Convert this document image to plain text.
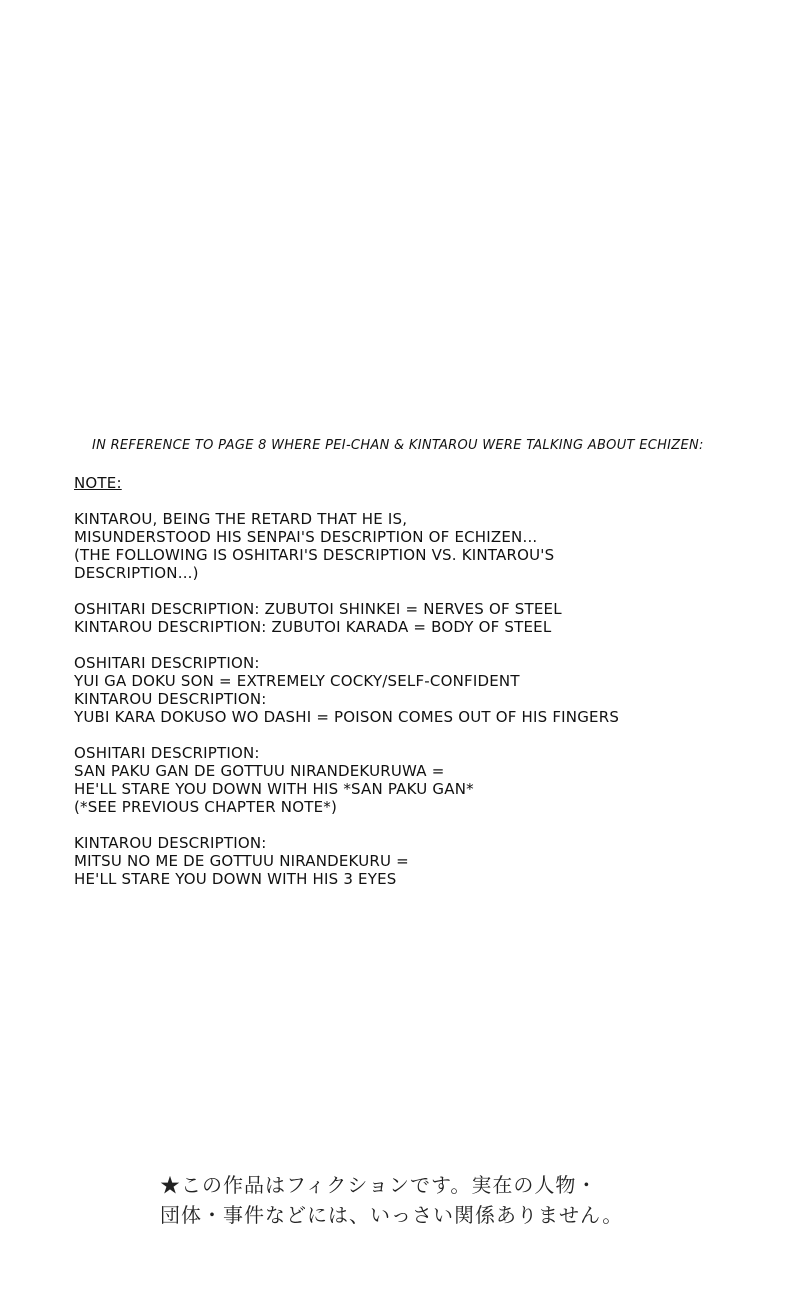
IN REFERENCE TO PAGE 8 WHERE PEI-CHAN & KINTAROU WERE TALKING ABOUT ECHIZEN:
NOTE:
KINTAROU, BEING THE RETARD THAT HE IS,
MISUNDERSTOOD HIS SENPAI'S DESCRIPTION OF ECHIZEN...
(THE FOLLOWING IS OSHITARI'S DESCRIPTION VS. KINTAROU'S
DESCRIPTION...)
OSHITARI DESCRIPTION: ZUBUTOI SHINKEI = NERVES OF STEEL
KINTAROU DESCRIPTION: ZUBUTOI KARADA = BODY OF STEEL
OSHITARI DESCRIPTION:
YUI GA DOKU SON = EXTREMELY COCKY/SELF-CONFIDENT
KINTAROU DESCRIPTION:
YUBI KARA DOKUSO WO DASHI = POISON COMES OUT OF HIS FINGERS
OSHITARI DESCRIPTION:
SAN PAKU GAN DE GOTTUU NIRANDEKURUWA =
HE'LL STARE YOU DOWN WITH HIS *SAN PAKU GAN*
(*SEE PREVIOUS CHAPTER NOTE*)
KINTAROU DESCRIPTION:
MITSU NO ME DE GOTTUU NIRANDEKURU =
HE'LL STARE YOU DOWN WITH HIS 3 EYES
★この作品はフィクションです。実在の人物・
団体・事件などには、いっさい関係ありません。
